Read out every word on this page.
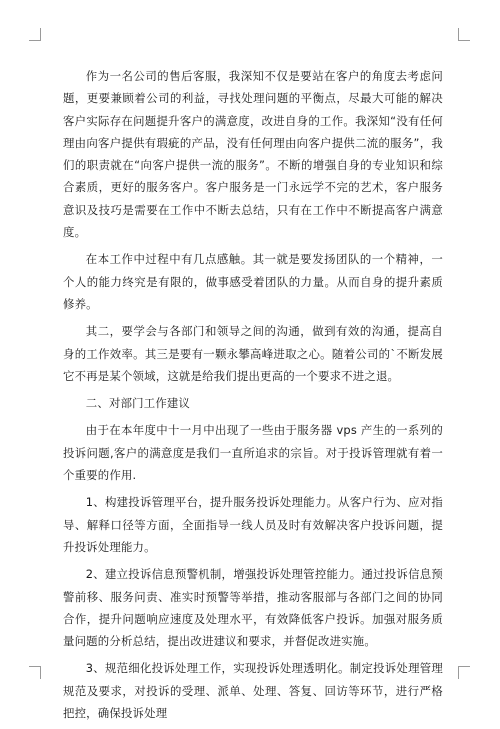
作为一名公司的售后客服，我深知不仅是要站在客户的角度去考虑问题，更要兼顾着公司的利益，寻找处理问题的平衡点，尽最大可能的解决客户实际存在问题提升客户的满意度，改进自身的工作。我深知“没有任何理由向客户提供有瑕疵的产品，没有任何理由向客户提供二流的服务”，我们的职责就在“向客户提供一流的服务”。不断的增强自身的专业知识和综合素质，更好的服务客户。客户服务是一门永远学不完的艺术，客户服务意识及技巧是需要在工作中不断去总结，只有在工作中不断提高客户满意度。

在本工作中过程中有几点感触。其一就是要发扬团队的一个精神，一个人的能力终究是有限的，做事感受着团队的力量。从而自身的提升素质修养。

其二，要学会与各部门和领导之间的沟通，做到有效的沟通，提高自身的工作效率。其三是要有一颗永攀高峰进取之心。随着公司的`不断发展它不再是某个领域，这就是给我们提出更高的一个要求不进之退。

二、对部门工作建议

由于在本年度中十一月中出现了一些由于服务器 vps 产生的一系列的投诉问题,客户的满意度是我们一直所追求的宗旨。对于投诉管理就有着一个重要的作用.

1、构建投诉管理平台，提升服务投诉处理能力。从客户行为、应对指导、解释口径等方面，全面指导一线人员及时有效解决客户投诉问题，提升投诉处理能力。

2、建立投诉信息预警机制，增强投诉处理管控能力。通过投诉信息预警前移、服务问责、准实时预警等举措，推动客服部与各部门之间的协同合作，提升问题响应速度及处理水平，有效降低客户投诉。加强对服务质量问题的分析总结，提出改进建议和要求，并督促改进实施。

3、规范细化投诉处理工作，实现投诉处理透明化。制定投诉处理管理规范及要求，对投诉的受理、派单、处理、答复、回访等环节，进行严格把控，确保投诉处理
